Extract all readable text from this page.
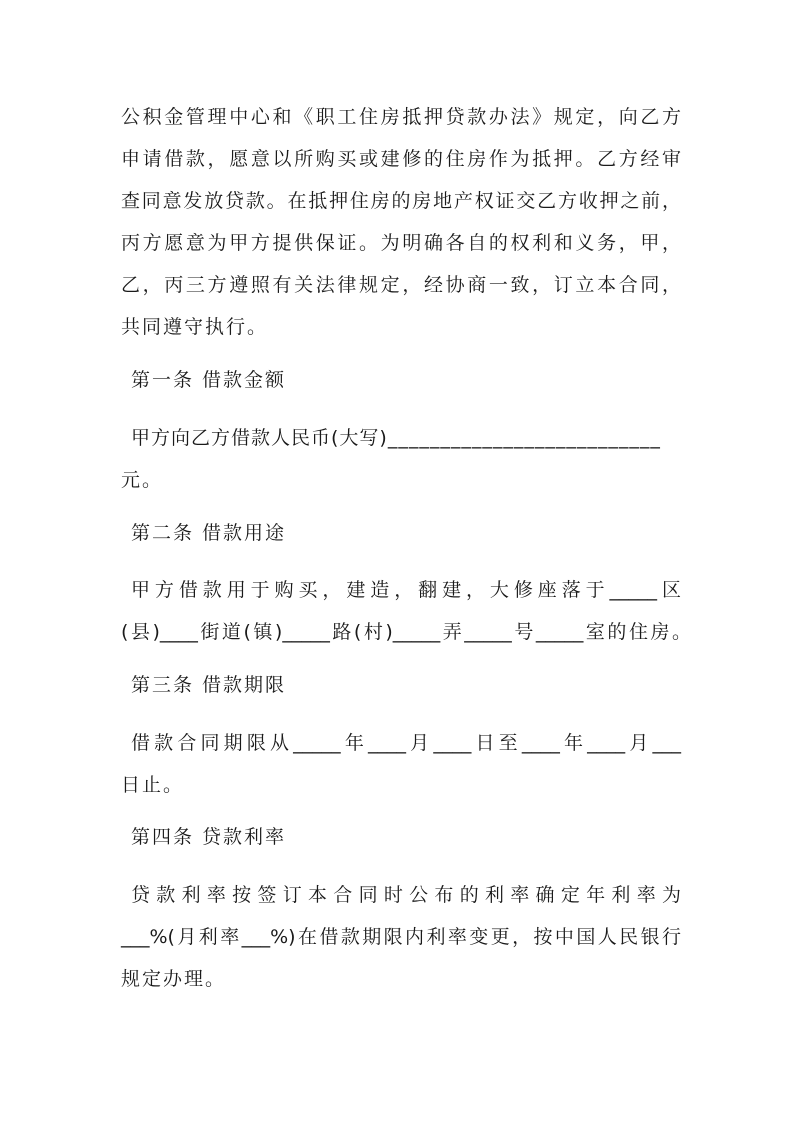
公积金管理中心和《职工住房抵押贷款办法》规定，向乙方
申请借款，愿意以所购买或建修的住房作为抵押。乙方经审
查同意发放贷款。在抵押住房的房地产权证交乙方收押之前，
丙方愿意为甲方提供保证。为明确各自的权利和义务，甲，
乙，丙三方遵照有关法律规定，经协商一致，订立本合同，
共同遵守执行。
第一条 借款金额
甲方向乙方借款人民币(大写)__________________________
元。
第二条 借款用途
甲方借款用于购买，建造，翻建，大修座落于_____区
(县)____街道(镇)_____路(村)_____弄_____号_____室的住房。
第三条 借款期限
借款合同期限从_____年____月____日至____年____月___
日止。
第四条 贷款利率
贷款利率按签订本合同时公布的利率确定年利率为
___%(月利率___%)在借款期限内利率变更，按中国人民银行
规定办理。
